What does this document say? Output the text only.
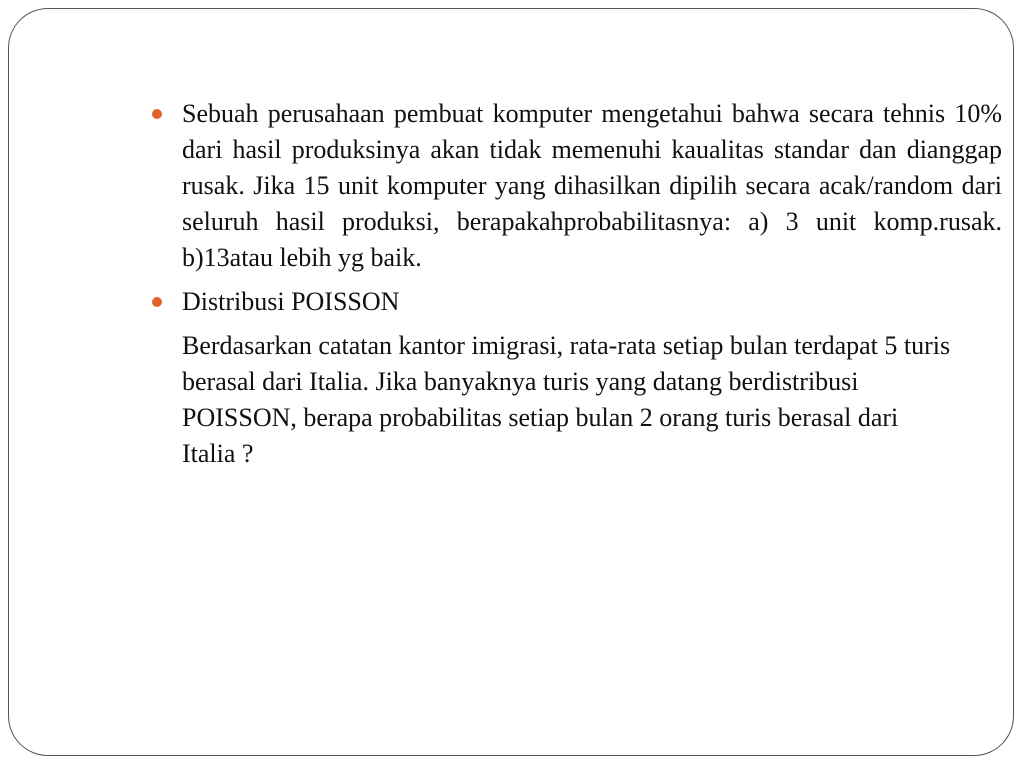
Sebuah perusahaan pembuat komputer mengetahui bahwa secara tehnis 10% dari hasil produksinya akan tidak memenuhi kaualitas standar dan dianggap rusak. Jika 15 unit komputer yang dihasilkan dipilih secara acak/random dari seluruh hasil produksi, berapakahprobabilitasnya: a) 3 unit komp.rusak. b)13atau lebih yg baik.
Distribusi POISSON
Berdasarkan catatan kantor imigrasi, rata-rata setiap bulan terdapat 5 turis berasal dari Italia. Jika banyaknya turis yang datang berdistribusi POISSON, berapa probabilitas setiap bulan 2 orang turis berasal dari Italia ?
